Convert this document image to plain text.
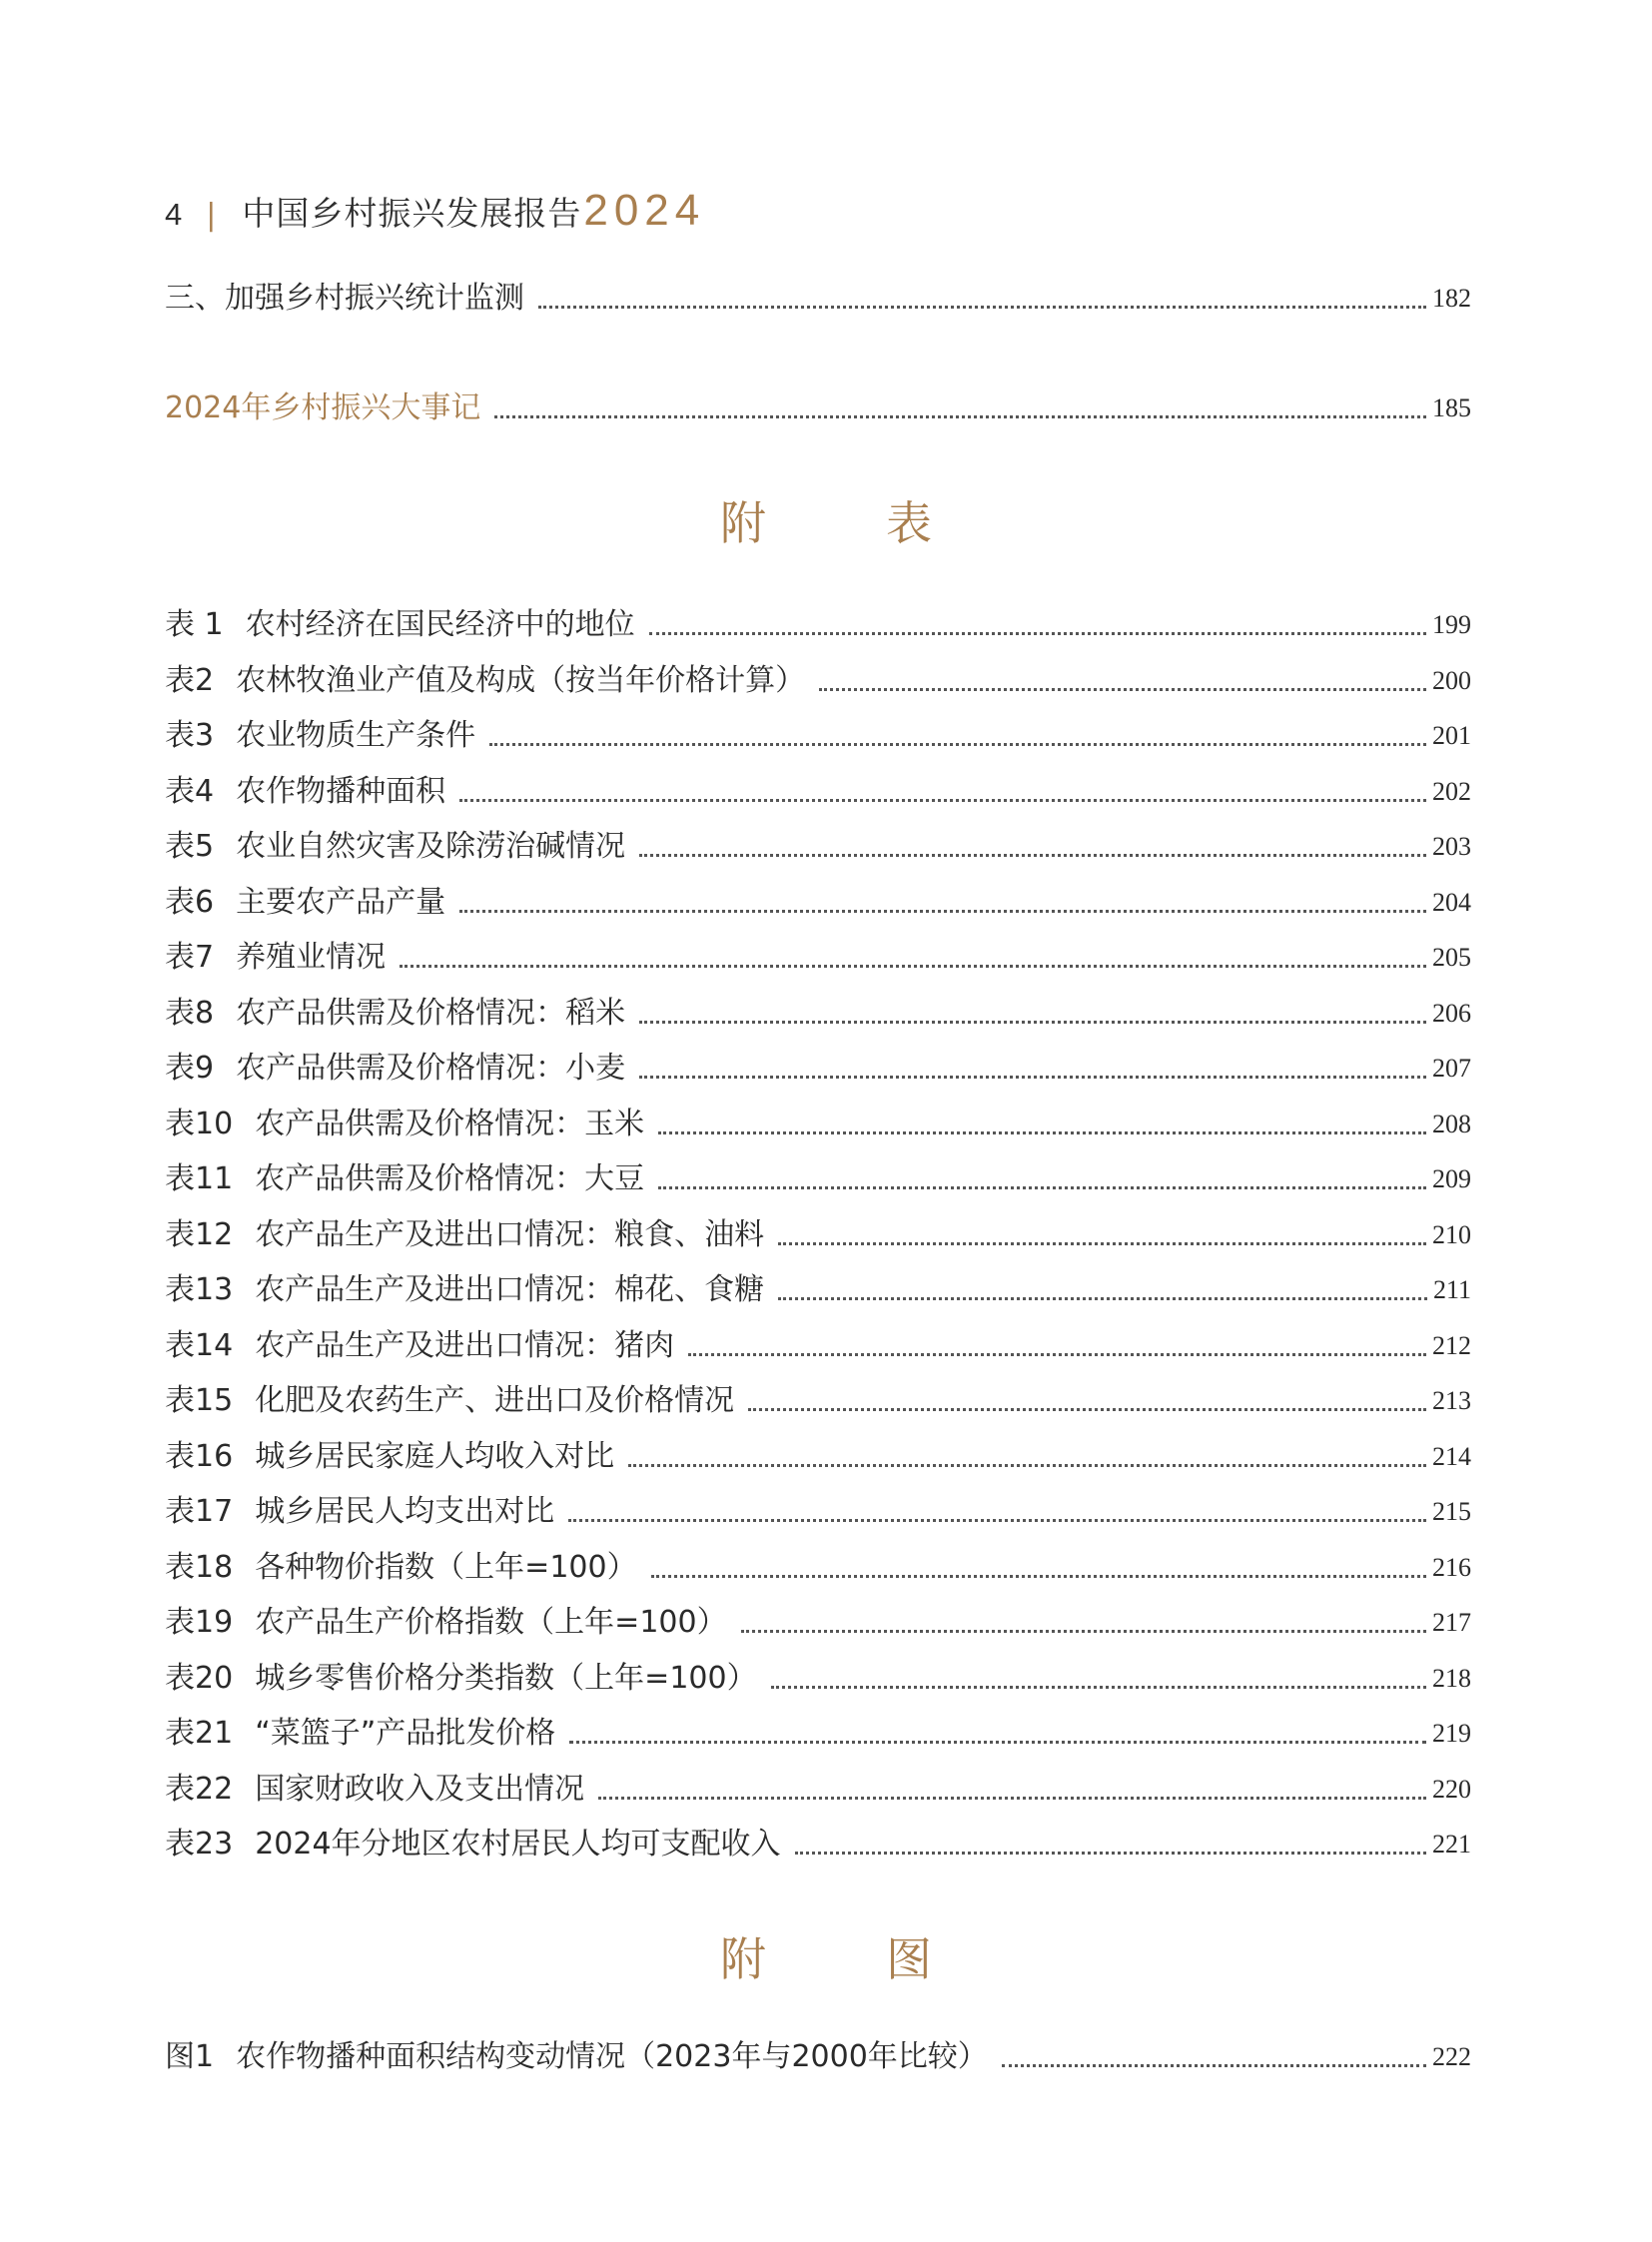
4 | 中国乡村振兴发展报告 2024
三、加强乡村振兴统计监测	182
2024年乡村振兴大事记	185
附	表
表 1 农村经济在国民经济中的地位	199
表2 农林牧渔业产值及构成（按当年价格计算）	200
表3 农业物质生产条件	201
表4 农作物播种面积	202
表5 农业自然灾害及除涝治碱情况	203
表6 主要农产品产量	204
表7 养殖业情况	205
表8 农产品供需及价格情况：稻米	206
表9 农产品供需及价格情况：小麦	207
表10 农产品供需及价格情况：玉米	208
表11 农产品供需及价格情况：大豆	209
表12 农产品生产及进出口情况：粮食、油料	210
表13 农产品生产及进出口情况：棉花、食糖	211
表14 农产品生产及进出口情况：猪肉	212
表15 化肥及农药生产、进出口及价格情况	213
表16 城乡居民家庭人均收入对比	214
表17 城乡居民人均支出对比	215
表18 各种物价指数（上年=100）	216
表19 农产品生产价格指数（上年=100）	217
表20 城乡零售价格分类指数（上年=100）	218
表21 “菜篮子”产品批发价格	219
表22 国家财政收入及支出情况	220
表23 2024年分地区农村居民人均可支配收入	221
附	图
图1 农作物播种面积结构变动情况（2023年与2000年比较）	222
